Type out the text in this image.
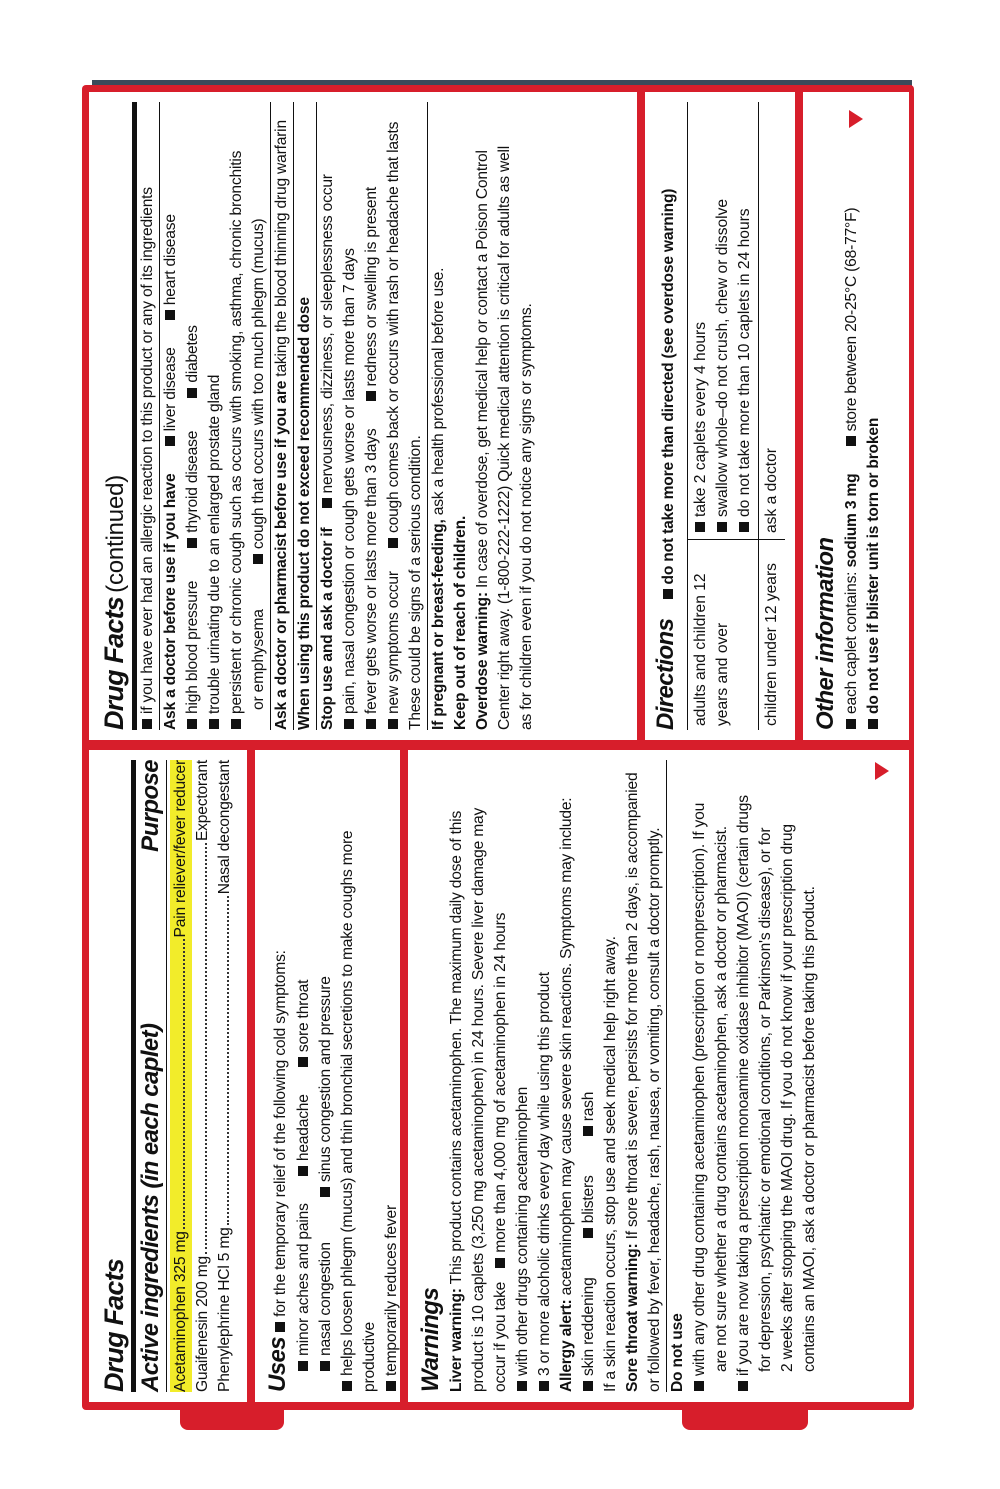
Drug Facts Active ingredients (in each caplet)
Purpose
Acetaminophen 325 mg
Pain reliever/fever reducer
Guaifenesin 200 mg
Expectorant
Phenylephrine HCl 5 mg
Nasal decongestant
Uses for the temporary relief of the following cold symptoms: minor aches and pains headache sore throat
nasal congestion sinus congestion and pressure helps loosen phlegm (mucus) and thin bronchial secretions to make coughs more productive temporarily reduces fever Warnings Liver warning: This product contains acetaminophen. The maximum daily dose of this product is 10 caplets (3,250 mg acetaminophen) in 24 hours. Severe liver damage may occur if you take more than 4,000 mg of acetaminophen in 24 hours with other drugs containing acetaminophen 3 or more alcoholic drinks every day while using this product Allergy alert: acetaminophen may cause severe skin reactions. Symptoms may include:
skin reddening blisters rash If a skin reaction occurs, stop use and seek medical help right away. Sore throat warning: If sore throat is severe, persists for more than 2 days, is accompanied or followed by fever, headache, rash, nausea, or vomiting, consult a doctor promptly. Do not use with any other drug containing acetaminophen (prescription or nonprescription). If you are not sure whether a drug contains acetaminophen, ask a doctor or pharmacist. if you are now taking a prescription monoamine oxidase inhibitor (MAOI) (certain drugs for depression, psychiatric or emotional conditions, or Parkinson's disease), or for 2 weeks after stopping the MAOI drug. If you do not know if your prescription drug contains an MAOI, ask a doctor or pharmacist before taking this product.
Drug Facts (continued) if you have ever had an allergic reaction to this product or any of its ingredients Ask a doctor before use if you have liver disease heart disease
high blood pressure thyroid disease diabetes
trouble urinating due to an enlarged prostate gland persistent or chronic cough such as occurs with smoking, asthma, chronic bronchitis or emphysema cough that occurs with too much phlegm (mucus) Ask a doctor or pharmacist before use if you are taking the blood thinning drug warfarin
When using this product do not exceed recommended dose Stop use and ask a doctor if nervousness, dizziness, or sleeplessness occur pain, nasal congestion or cough gets worse or lasts more than 7 days fever gets worse or lasts more than 3 days redness or swelling is present
new symptoms occur cough comes back or occurs with rash or headache that lasts
These could be signs of a serious condition. If pregnant or breast-feeding, ask a health professional before use.
Keep out of reach of children. Overdose warning: In case of overdose, get medical help or contact a Poison Control Center right away. (1-800-222-1222) Quick medical attention is critical for adults as well as for children even if you do not notice any signs or symptoms.	Directions do not take more than directed (see overdose warning)
adults and children 12 years and over
take 2 caplets every 4 hours swallow whole–do not crush, chew or dissolve do not take more than 10 caplets in 24 hours
children under 12 years
ask a doctor
Other information each caplet contains: sodium 3 mg store between 20-25°C (68-77°F)
do not use if blister unit is torn or broken
